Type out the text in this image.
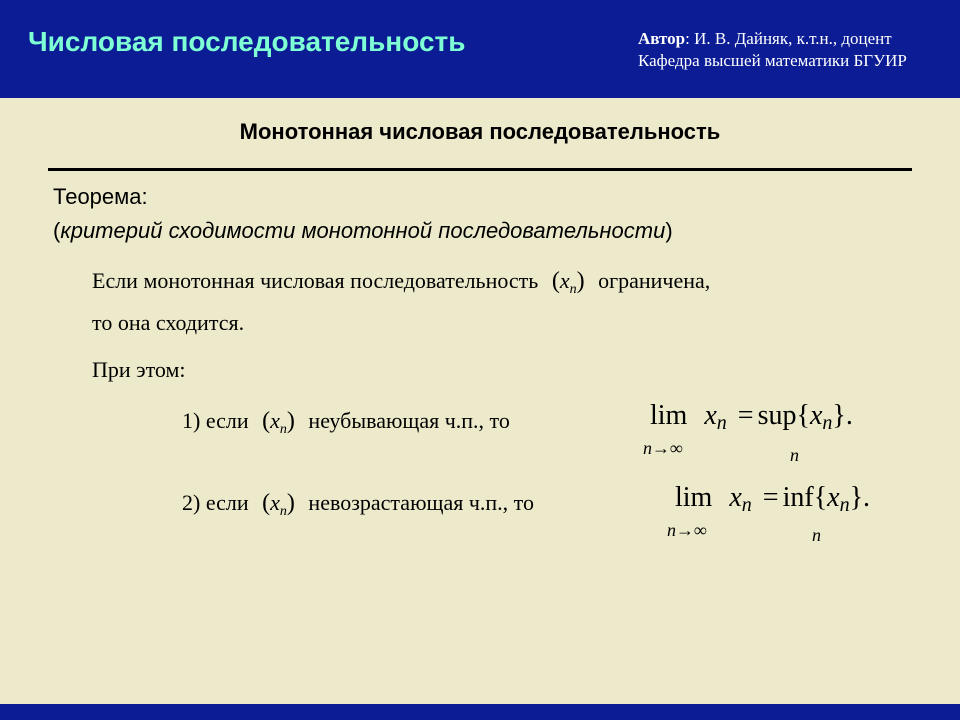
Числовая последовательность	Автор: И. В. Дайняк, к.т.н., доцент
Кафедра высшей математики БГУИР
Монотонная числовая последовательность
Теорема:
(критерий сходимости монотонной последовательности)
Если монотонная числовая последовательность $(x_n)$ ограничена,
то она сходится.
При этом:
1) если $(x_n)$ неубывающая ч.п., то	lim xn = sup{xn}.
n→∞	n
2) если $(x_n)$ невозрастающая ч.п., то	lim xn = inf{xn}.
n→∞	n
